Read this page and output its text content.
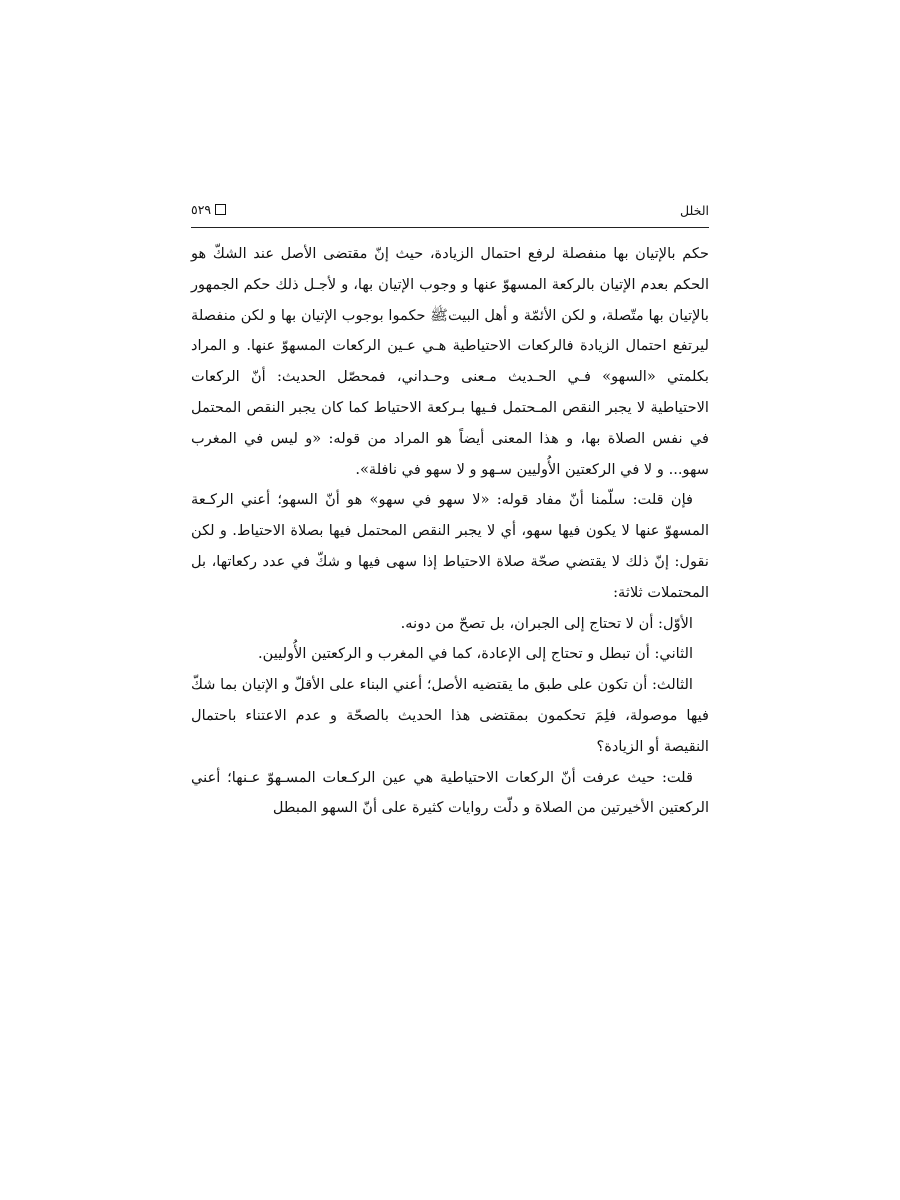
الخلل
٥٢٩

حكم بالإتيان بها منفصلة لرفع احتمال الزيادة، حيث إنّ مقتضى الأصل عند الشكّ هو الحكم بعدم الإتيان بالركعة المسهوّ عنها و وجوب الإتيان بها، و لأجـل ذلك حكم الجمهور بالإتيان بها متّصلة، و لكن الأئمّة و أهل البيتﷺ حكموا بوجوب الإتيان بها و لكن منفصلة ليرتفع احتمال الزيادة فالركعات الاحتياطية هـي عـين الركعات المسهوّ عنها. و المراد بكلمتي «السهو» فـي الحـديث مـعنى وحـداني، فمحصّل الحديث: أنّ الركعات الاحتياطية لا يجبر النقص المـحتمل فـيها بـركعة الاحتياط كما كان يجبر النقص المحتمل في نفس الصلاة بها، و هذا المعنى أيضاً هو المراد من قوله: «و ليس في المغرب سهو... و لا في الركعتين الأُوليين سـهو و لا سهو في نافلة».

فإن قلت: سلّمنا أنّ مفاد قوله: «لا سهو في سهو» هو أنّ السهو؛ أعني الركـعة المسهوّ عنها لا يكون فيها سهو، أي لا يجبر النقص المحتمل فيها بصلاة الاحتياط. و لكن نقول: إنّ ذلك لا يقتضي صحّة صلاة الاحتياط إذا سهى فيها و شكّ في عدد ركعاتها، بل المحتملات ثلاثة:

الأوّل: أن لا تحتاج إلى الجبران، بل تصحّ من دونه.

الثاني: أن تبطل و تحتاج إلى الإعادة، كما في المغرب و الركعتين الأُوليين.

الثالث: أن تكون على طبق ما يقتضيه الأصل؛ أعني البناء على الأقلّ و الإتيان بما شكّ فيها موصولة، فلِمَ تحكمون بمقتضى هذا الحديث بالصحّة و عدم الاعتناء باحتمال النقيصة أو الزيادة؟

قلت: حيث عرفت أنّ الركعات الاحتياطية هي عين الركـعات المسـهوّ عـنها؛ أعني الركعتين الأخيرتين من الصلاة و دلّت روايات كثيرة على أنّ السهو المبطل
